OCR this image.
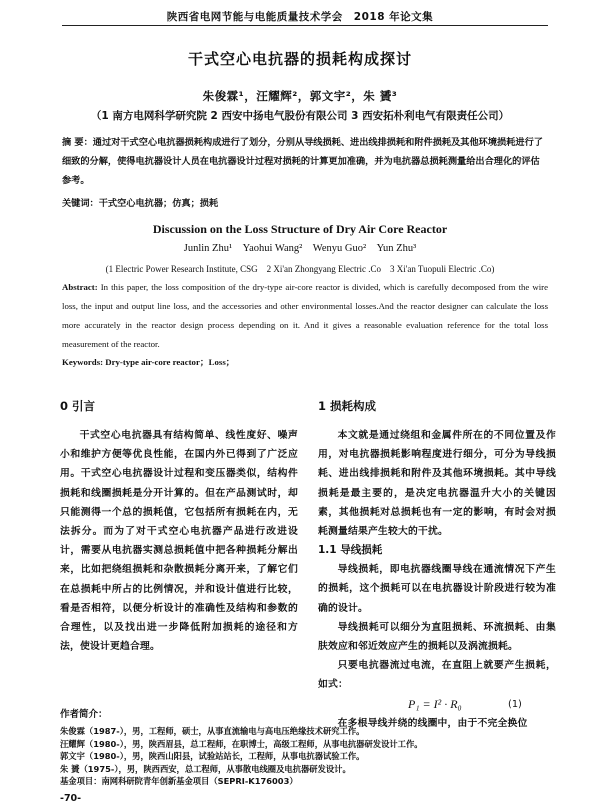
陕西省电网节能与电能质量技术学会　2018 年论文集
干式空心电抗器的损耗构成探讨
朱俊霖¹，汪耀辉²，郭文宇²，朱 贇³
（1 南方电网科学研究院 2 西安中扬电气股份有限公司 3 西安拓朴利电气有限责任公司）

摘 要：通过对干式空心电抗器损耗构成进行了划分，分别从导线损耗、进出线排损耗和附件损耗及其他环境损耗进行了细致的分解，使得电抗器设计人员在电抗器设计过程对损耗的计算更加准确，并为电抗器总损耗测量给出合理化的评估参考。

关键词：干式空心电抗器；仿真；损耗

Discussion on the Loss Structure of Dry Air Core Reactor
Junlin Zhu¹　Yaohui Wang²　Wenyu Guo²　Yun Zhu³
(1 Electric Power Research Institute, CSG　2 Xi'an Zhongyang Electric .Co　3 Xi'an Tuopuli Electric .Co)

Abstract: In this paper, the loss composition of the dry-type air-core reactor is divided, which is carefully decomposed from the wire loss, the input and output line loss, and the accessories and other environmental losses.And the reactor designer can calculate the loss more accurately in the reactor design process depending on it. And it gives a reasonable evaluation reference for the total loss measurement of the reactor.

Keywords: Dry-type air-core reactor；Loss；

0 引言

干式空心电抗器具有结构简单、线性度好、噪声小和维护方便等优良性能，在国内外已得到了广泛应用。干式空心电抗器设计过程和变压器类似，结构件损耗和线圈损耗是分开计算的。但在产品测试时，却只能测得一个总的损耗值，它包括所有损耗在内，无法拆分。而为了对干式空心电抗器产品进行改进设计，需要从电抗器实测总损耗值中把各种损耗分解出来，比如把绕组损耗和杂散损耗分离开来，了解它们在总损耗中所占的比例情况，并和设计值进行比较，看是否相符，以便分析设计的准确性及结构和参数的合理性，以及找出进一步降低附加损耗的途径和方法，使设计更趋合理。

1 损耗构成

本文就是通过绕组和金属件所在的不同位置及作用，对电抗器损耗影响程度进行细分，可分为导线损耗、进出线排损耗和附件及其他环境损耗。其中导线损耗是最主要的，是决定电抗器温升大小的关键因素，其他损耗对总损耗也有一定的影响，有时会对损耗测量结果产生较大的干扰。

1.1 导线损耗

导线损耗，即电抗器线圈导线在通流情况下产生的损耗，这个损耗可以在电抗器设计阶段进行较为准确的设计。

导线损耗可以细分为直阻损耗、环流损耗、由集肤效应和邻近效应产生的损耗以及涡流损耗。

只要电抗器流过电流，在直阻上就要产生损耗，如式：

P₁ = I² · R₀	(1)

在多根导线并绕的线圈中，由于不完全换位

作者简介：

朱俊霖（1987-），男，工程师，硕士，从事直流输电与高电压绝缘技术研究工作。

汪耀辉（1980-），男，陕西眉县，总工程师，在职博士，高级工程师，从事电抗器研发设计工作。

郭文宇（1980-），男，陕西山阳县，试验站站长，工程师，从事电抗器试验工作。

朱 贇（1975-），男，陕西西安，总工程师，从事散电线圈及电抗器研发设计。

基金项目：南网科研院青年创新基金项目（SEPRI-K176003）

-70-
